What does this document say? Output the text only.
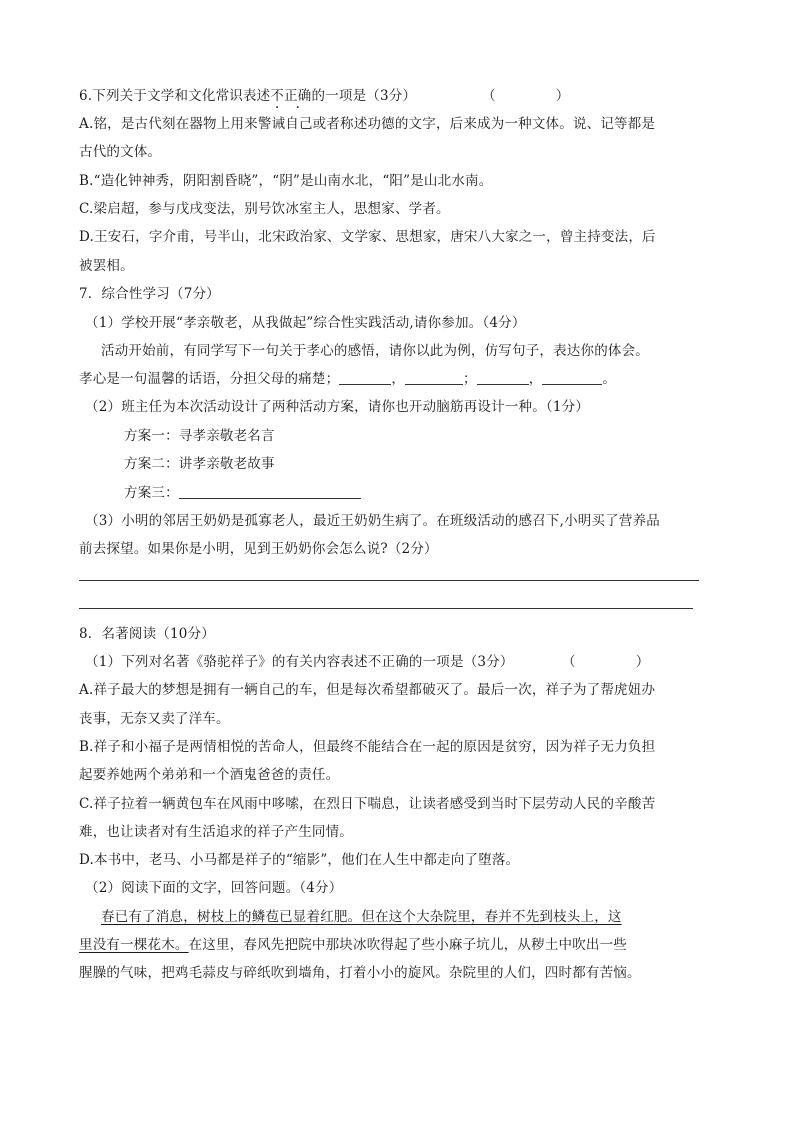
6.下列关于文学和文化常识表述不正确的一项是（3分）	（	）
A.铭，是古代刻在器物上用来警诫自己或者称述功德的文字，后来成为一种文体。说、记等都是
古代的文体。
B.“造化钟神秀，阴阳割昏晓”，“阴”是山南水北，“阳”是山北水南。
C.梁启超，参与戊戌变法，别号饮冰室主人，思想家、学者。
D.王安石，字介甫，号半山，北宋政治家、文学家、思想家，唐宋八大家之一，曾主持变法，后
被罢相。
7．综合性学习（7分）
（1）学校开展“孝亲敬老，从我做起”综合性实践活动,请你参加。（4分）
活动开始前，有同学写下一句关于孝心的感悟，请你以此为例，仿写句子，表达你的体会。
孝心是一句温馨的话语，分担父母的痛楚；	，	；	，	。
（2）班主任为本次活动设计了两种活动方案，请你也开动脑筋再设计一种。（1分）
方案一：寻孝亲敬老名言
方案二：讲孝亲敬老故事
方案三：
（3）小明的邻居王奶奶是孤寡老人，最近王奶奶生病了。在班级活动的感召下,小明买了营养品
前去探望。如果你是小明，见到王奶奶你会怎么说?（2分）
8．名著阅读（10分）
（1）下列对名著《骆驼祥子》的有关内容表述不正确的一项是（3分）	（	）
A.祥子最大的梦想是拥有一辆自己的车，但是每次希望都破灭了。最后一次，祥子为了帮虎妞办
丧事，无奈又卖了洋车。
B.祥子和小福子是两情相悦的苦命人，但最终不能结合在一起的原因是贫穷，因为祥子无力负担
起要养她两个弟弟和一个酒鬼爸爸的责任。
C.祥子拉着一辆黄包车在风雨中哆嗦，在烈日下喘息，让读者感受到当时下层劳动人民的辛酸苦
难，也让读者对有生活追求的祥子产生同情。
D.本书中，老马、小马都是祥子的“缩影”，他们在人生中都走向了堕落。
（2）阅读下面的文字，回答问题。（4分）
春已有了消息，树枝上的鳞苞已显着红肥。但在这个大杂院里，春并不先到枝头上，这
里没有一棵花木。在这里，春风先把院中那块冰吹得起了些小麻子坑儿，从秽土中吹出一些
腥臊的气味，把鸡毛蒜皮与碎纸吹到墙角，打着小小的旋风。杂院里的人们，四时都有苦恼。
